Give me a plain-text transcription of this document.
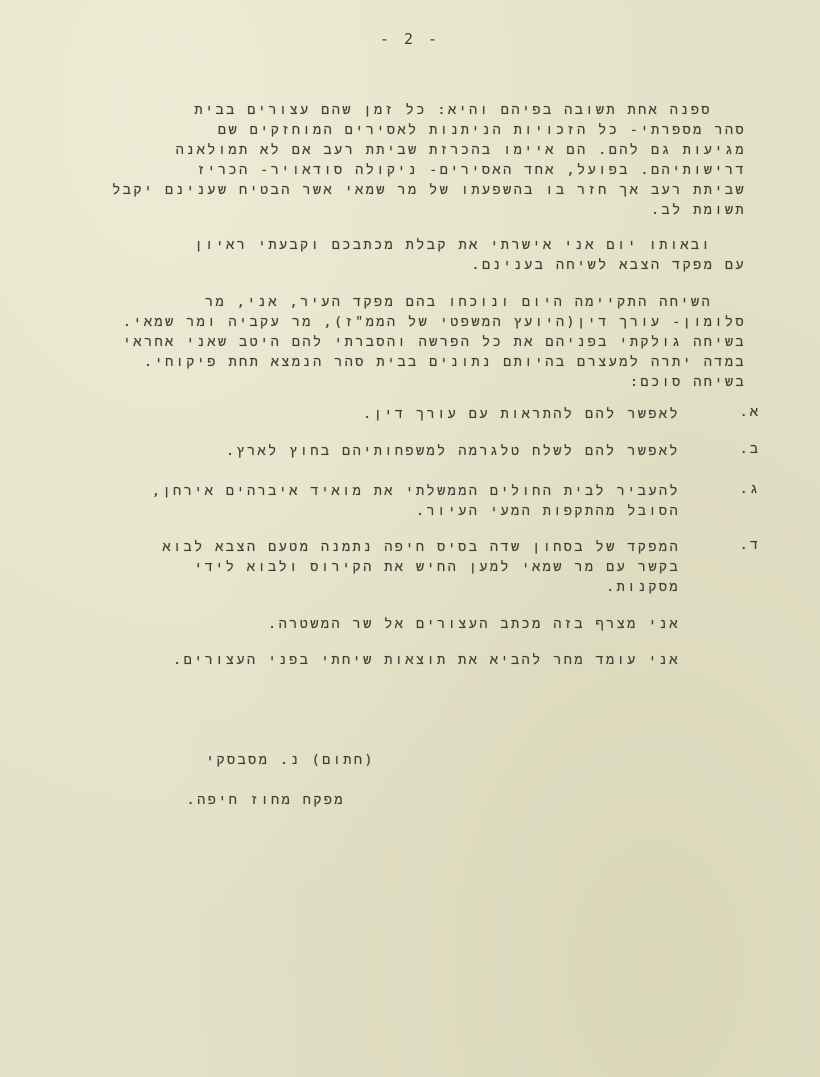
- 2 -
ספנה אחת תשובה בפיהם והיא: כל זמן שהם עצורים בבית
סהר מספרתי- כל הזכויות הניתנות לאסירים המוחזקים שם
מגיעות גם להם. הם איימו בהכרזת שביתת רעב אם לא תמולאנה
דרישותיהם. בפועל, אחד האסירים- ניקולה סודאויר- הכריז
שביתת רעב אך חזר בו בהשפעתו של מר שמאי אשר הבטיח שענינם יקבל
תשומת לב.
ובאותו יום אני אישרתי את קבלת מכתבכם וקבעתי ראיון
עם מפקד הצבא לשיחה בענינם.
השיחה התקיימה היום ונוכחו בהם מפקד העיר, אני, מר
סלומון- עורך דין(היועץ המשפטי של הממ"ז), מר עקביה ומר שמאי.
בשיחה גולקתי בפניהם את כל הפרשה והסברתי להם היטב שאני אחראי
במדה יתרה למעצרם בהיותם נתונים בבית סהר הנמצא תחת פיקוחי.
בשיחה סוכם:
א.
לאפשר להם להתראות עם עורך דין.
ב.
לאפשר להם לשלח טלגרמה למשפחותיהם בחוץ לארץ.
ג.
להעביר לבית החולים הממשלתי את מואיד איברהים אירחן,
הסובל מהתקפות המעי העיור.
ד.
המפקד של בסחון שדה בסיס חיפה נתמנה מטעם הצבא לבוא
בקשר עם מר שמאי למען החיש את הקירוס ולבוא לידי
מסקנות.
אני מצרף בזה מכתב העצורים אל שר המשטרה.
אני עומד מחר להביא את תוצאות שיחתי בפני העצורים.
(חתום) נ. מסבסקי
מפקח מחוז חיפה.
